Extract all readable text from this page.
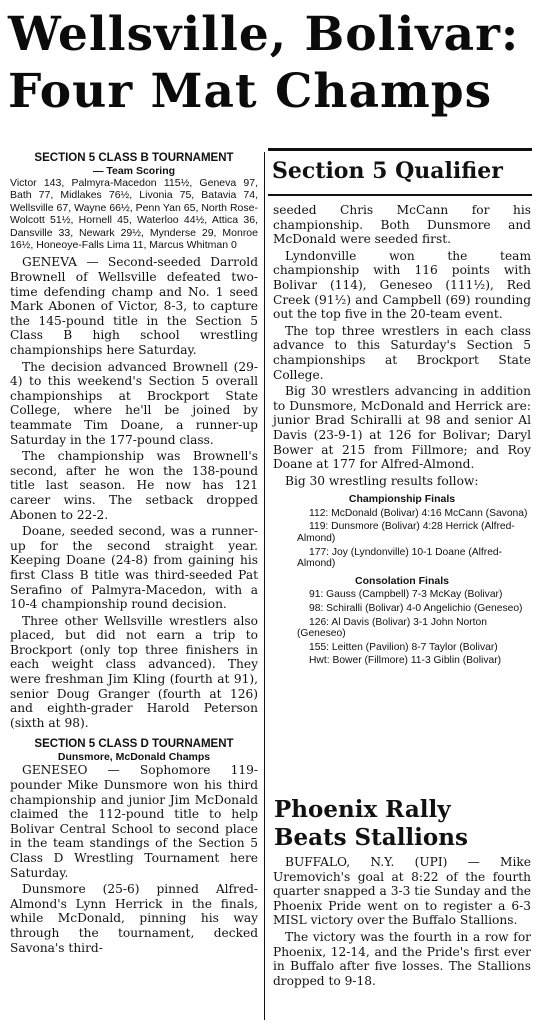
Wellsville, Bolivar:
Four Mat Champs
Section 5 Qualifier
SECTION 5 CLASS B TOURNAMENT
— Team Scoring
Victor 143, Palmyra-Macedon 115½, Geneva 97, Bath 77, Midlakes 76½, Livonia 75, Batavia 74, Wellsville 67, Wayne 66½, Penn Yan 65, North Rose-Wolcott 51½, Hornell 45, Waterloo 44½, Attica 36, Dansville 33, Newark 29½, Mynderse 29, Monroe 16½, Honeoye-Falls Lima 11, Marcus Whitman 0

GENEVA — Second-seeded Darrold Brownell of Wellsville defeated two-time defending champ and No. 1 seed Mark Abonen of Victor, 8-3, to capture the 145-pound title in the Section 5 Class B high school wrestling championships here Saturday.

The decision advanced Brownell (29-4) to this weekend's Section 5 overall championships at Brockport State College, where he'll be joined by teammate Tim Doane, a runner-up Saturday in the 177-pound class.

The championship was Brownell's second, after he won the 138-pound title last season. He now has 121 career wins. The setback dropped Abonen to 22-2.

Doane, seeded second, was a runner-up for the second straight year. Keeping Doane (24-8) from gaining his first Class B title was third-seeded Pat Serafino of Palmyra-Macedon, with a 10-4 championship round decision.

Three other Wellsville wrestlers also placed, but did not earn a trip to Brockport (only top three finishers in each weight class advanced). They were freshman Jim Kling (fourth at 91), senior Doug Granger (fourth at 126) and eighth-grader Harold Peterson (sixth at 98).

SECTION 5 CLASS D TOURNAMENT
Dunsmore, McDonald Champs

GENESEO — Sophomore 119-pounder Mike Dunsmore won his third championship and junior Jim McDonald claimed the 112-pound title to help Bolivar Central School to second place in the team standings of the Section 5 Class D Wrestling Tournament here Saturday.

Dunsmore (25-6) pinned Alfred-Almond's Lynn Herrick in the finals, while McDonald, pinning his way through the tournament, decked Savona's third-

seeded Chris McCann for his championship. Both Dunsmore and McDonald were seeded first.

Lyndonville won the team championship with 116 points with Bolivar (114), Geneseo (111½), Red Creek (91½) and Campbell (69) rounding out the top five in the 20-team event.

The top three wrestlers in each class advance to this Saturday's Section 5 championships at Brockport State College.

Big 30 wrestlers advancing in addition to Dunsmore, McDonald and Herrick are: junior Brad Schiralli at 98 and senior Al Davis (23-9-1) at 126 for Bolivar; Daryl Bower at 215 from Fillmore; and Roy Doane at 177 for Alfred-Almond.

Big 30 wrestling results follow:

Championship Finals

112: McDonald (Bolivar) 4:16 McCann (Savona)

119: Dunsmore (Bolivar) 4:28 Herrick (Alfred-Almond)

177: Joy (Lyndonville) 10-1 Doane (Alfred-Almond)

Consolation Finals

91: Gauss (Campbell) 7-3 McKay (Bolivar)

98: Schiralli (Bolivar) 4-0 Angelichio (Geneseo)

126: Al Davis (Bolivar) 3-1 John Norton (Geneseo)

155: Leitten (Pavilion) 8-7 Taylor (Bolivar)

Hwt: Bower (Fillmore) 11-3 Giblin (Bolivar)

Phoenix Rally
Beats Stallions

BUFFALO, N.Y. (UPI) — Mike Uremovich's goal at 8:22 of the fourth quarter snapped a 3-3 tie Sunday and the Phoenix Pride went on to register a 6-3 MISL victory over the Buffalo Stallions.

The victory was the fourth in a row for Phoenix, 12-14, and the Pride's first ever in Buffalo after five losses. The Stallions dropped to 9-18.
